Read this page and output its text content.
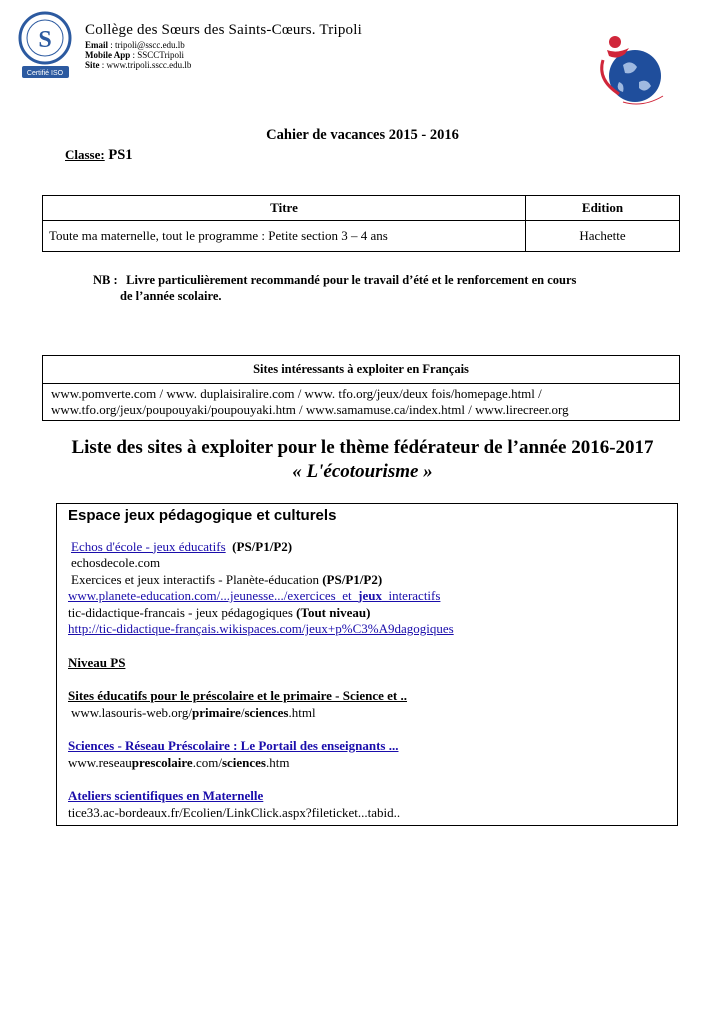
S
Certifié ISO
Collège des Sœurs des Saints-Cœurs. Tripoli
Email : tripoli@sscc.edu.lb
Mobile App : SSCCTripoli
Site : www.tripoli.sscc.edu.lb
Cahier de vacances 2015 - 2016
Classe: PS1
Titre	Edition
Toute ma maternelle, tout le programme : Petite section 3 – 4 ans	Hachette
NB : Livre particulièrement recommandé pour le travail d’été et le renforcement en cours
de l’année scolaire.
Sites intéressants à exploiter en Français

www.pomverte.com / www. duplaisiralire.com / www. tfo.org/jeux/deux fois/homepage.html /
www.tfo.org/jeux/poupouyaki/poupouyaki.htm / www.samamuse.ca/index.html / www.lirecreer.org
Liste des sites à exploiter pour le thème fédérateur de l’année 2016-2017
« L'écotourisme »
Espace jeux pédagogique et culturels
Echos d'école - jeux éducatifs (PS/P1/P2)
echosdecole.com
Exercices et jeux interactifs - Planète-éducation (PS/P1/P2)
www.planete-education.com/...jeunesse.../exercices_et_jeux_interactifs
tic-didactique-francais - jeux pédagogiques (Tout niveau)
http://tic-didactique-français.wikispaces.com/jeux+p%C3%A9dagogiques
Niveau PS
Sites éducatifs pour le préscolaire et le primaire - Science et ..
www.lasouris-web.org/primaire/sciences.html
Sciences - Réseau Préscolaire : Le Portail des enseignants ...
www.reseauprescolaire.com/sciences.htm
Ateliers scientifiques en Maternelle
tice33.ac-bordeaux.fr/Ecolien/LinkClick.aspx?fileticket...tabid..
